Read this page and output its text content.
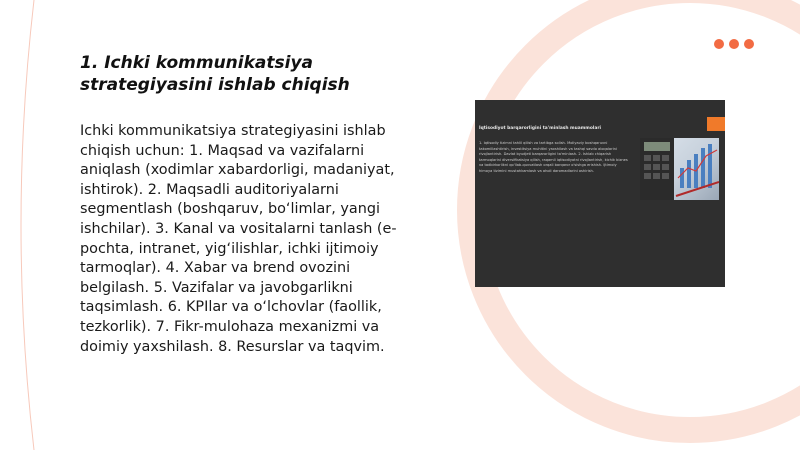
1. Ichki kommunikatsiya strategiyasini ishlab chiqish

Ichki kommunikatsiya strategiyasini ishlab chiqish uchun: 1. Maqsad va vazifalarni aniqlash (xodimlar xabardorligi, madaniyat, ishtirok). 2. Maqsadli auditoriyalarni segmentlash (boshqaruv, bo‘limlar, yangi ishchilar). 3. Kanal va vositalarni tanlash (e-pochta, intranet, yig‘ilishlar, ichki ijtimoiy tarmoqlar). 4. Xabar va brend ovozini belgilash. 5. Vazifalar va javobgarlikni taqsimlash. 6. KPIlar va o‘lchovlar (faollik, tezkorlik). 7. Fikr-mulohaza mexanizmi va doimiy yaxshilash. 8. Resurslar va taqvim.

Iqtisodiyot barqarorligini ta'minlash muammolari

1. Iqtisodiy tizimni tahlil qilish va tartibga solish. Moliyaviy boshqaruvni takomillashtirish, investitsiya muhitini yaxshilash va tashqi savdo aloqalarini rivojlantirish. Davlat byudjeti barqarorligini ta'minlash. 2. Ishlab chiqarish tarmoqlarini diversifikatsiya qilish, raqamli iqtisodiyotni rivojlantirish, kichik biznes va tadbirkorlikni qo'llab-quvvatlash orqali barqaror o'sishga erishish. Ijtimoiy himoya tizimini mustahkamlash va aholi daromadlarini oshirish.
